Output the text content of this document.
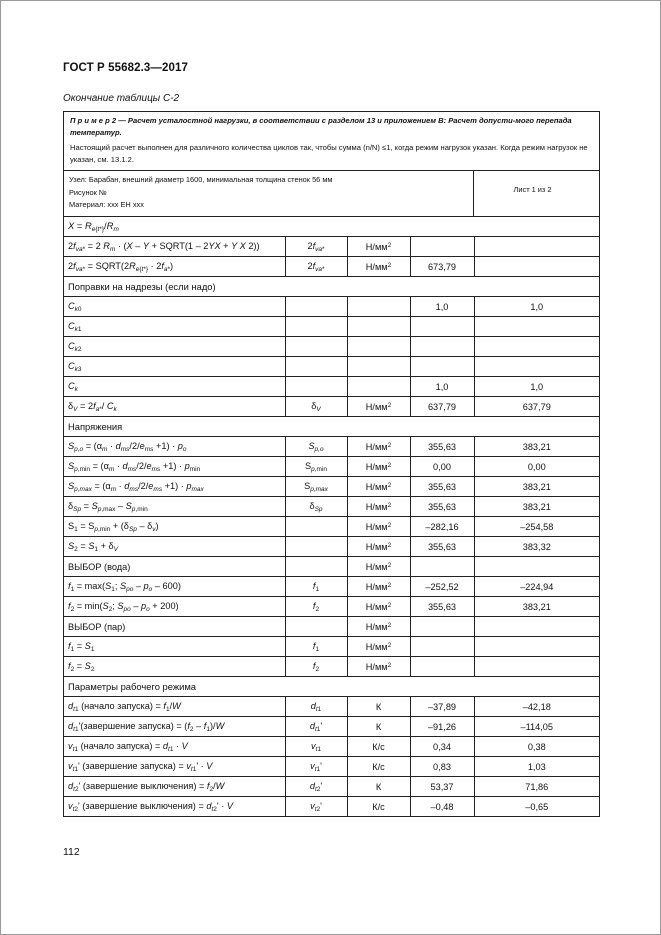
ГОСТ Р 55682.3—2017
Окончание таблицы С-2
П р и м е р 2 — Расчет усталостной нагрузки, в соответствии с разделом 13 и приложением В: Расчет допусти-мого перепада температур.
Настоящий расчет выполнен для различного количества циклов так, чтобы сумма (n/N) ≤1, когда режим нагрузок указан. Когда режим нагрузок не указан, см. 13.1.2.
Узел: Барабан, внешний диаметр 1600, минимальная толщина стенок 56 мм
Рисунок №
Материал: xxx EH xxx
Лист 1 из 2
$X = R_{e\{t*\}}/R_m$
$2f_{va*} = 2$ $R_m \cdot (X - Y$ + SQRT(1 – 2YX + Y X 2))	$2f_{va*}$	$Н/мм^2$		
$2f_{va*}$ = $SQRT(2R_{e\{t*\}} \cdot 2f_{a*})$	$2f_{va*}$	$Н/мм^2$	673,79	
Поправки на надрезы (если надо)				
$C_{k0}$			1,0	1,0
$C_{k1}$				
$C_{k2}$				
$C_{k3}$				
$C_k$			1,0	1,0
$\delta_V = 2f_{a*}/$ $C_k$	$\delta_V$	$Н/мм^2$	637,79	637,79
Напряжения				
$S_{p,o} = (\alpha_m \cdot d_{ms}/2/e_{ms} +1) \cdot p_o$	$S_{p,o}$	$Н/мм^2$	355,63	383,21
$S_{p,min} = (\alpha_m \cdot d_{ms}/2/e_{ms} +1) \cdot p_{min}$	$S_{p,min}$	$Н/мм^2$	0,00	0,00
$S_{p,max} = (\alpha_m \cdot d_{ms}/2/e_{ms} +1) \cdot p_{max}$	$S_{p,max}$	$Н/мм^2$	355,63	383,21
$\delta_{Sp} = S_{p,max} - S_{p,min}$	$\delta_{Sp}$	$Н/мм^2$	355,63	383,21
$S_1 = S_{p,min} + (\delta_{Sp} - \delta_v)$		$Н/мм^2$	–282,16	–254,58
$S_2 = S_1 + \delta_V$		$Н/мм^2$	355,63	383,32
ВЫБОР (вода)		$Н/мм^2$		
$f_1 = \max(S_1$; $S_{po} - p_o - 600$)	$f_1$	$Н/мм^2$	–252,52	–224,94
$f_2 = \min(S_2$; $S_{po} - p_o + 200$)	$f_2$	$Н/мм^2$	355,63	383,21
ВЫБОР (пар)		$Н/мм^2$		
$f_1 = S_1$	$f_1$	$Н/мм^2$		
$f_2 = S_2$	$f_2$	$Н/мм^2$		
Параметры рабочего режима				
$d_{t1}$ (начало запуска) = $f_1/W$	$d_{t1}$	К	–37,89	–42,18
$d_{t1}'(завершение$ запуска) = $(f_2 - f_1)/W$	$d_{t1}'$	К	–91,26	–114,05
$v_{t1}$ (начало запуска) = $d_{t1} \cdot V$	$v_{t1}$	К/с	0,34	0,38
$v_{t1}'$ (завершение запуска) = $v_{t1}' \cdot V$	$v_{t1}'$	К/с	0,83	1,03
$d_{t2}'$ (завершение выключения) = $f_2/W$	$d_{t2}'$	К	53,37	71,86
$v_{t2}'$ (завершение выключения) = $d_{t2}' \cdot V$	$v_{t2}'$	К/с	–0,48	–0,65
112
